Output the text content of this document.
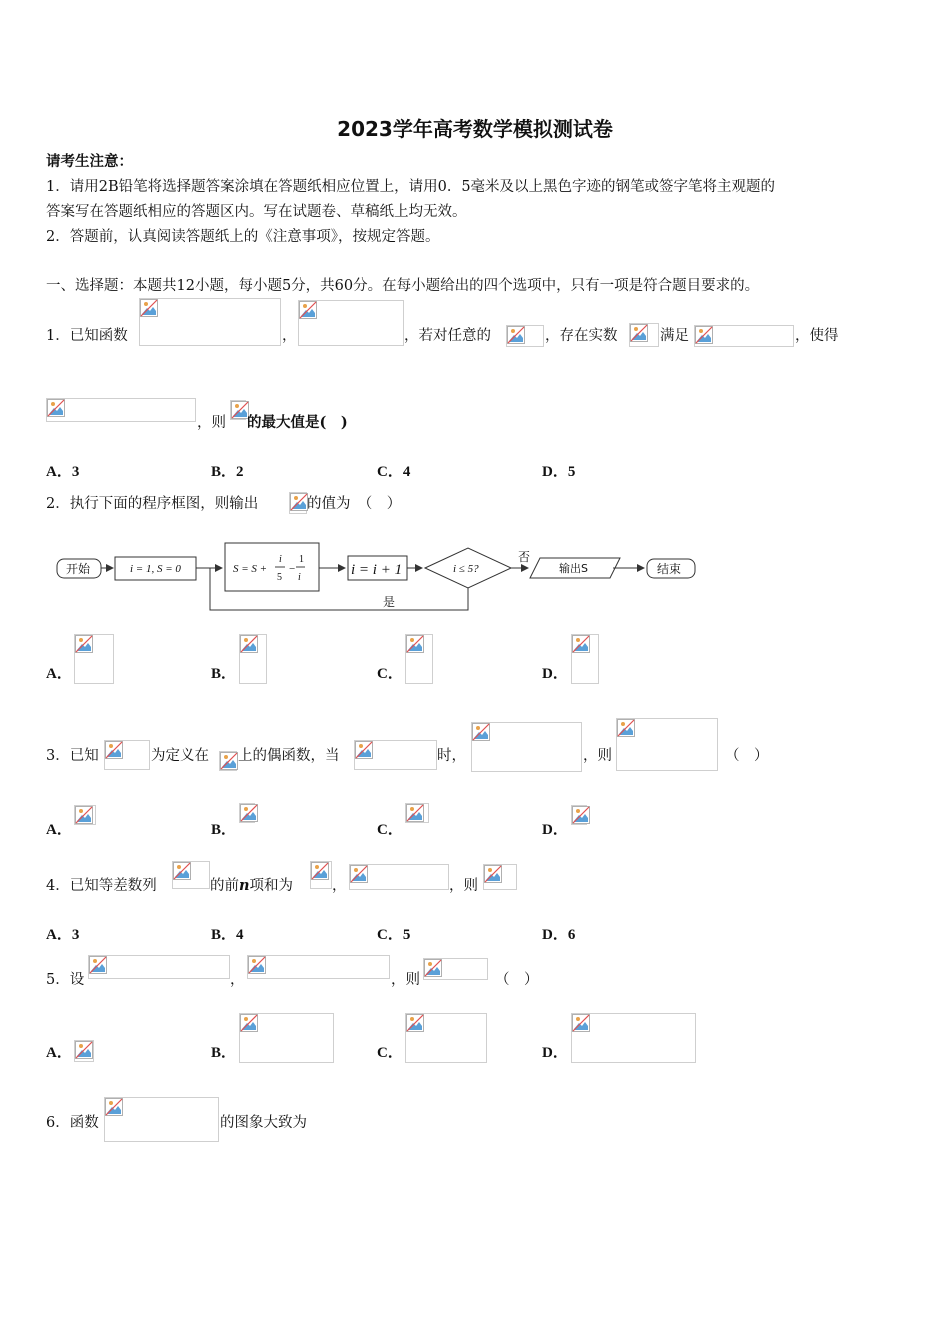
2023学年高考数学模拟测试卷
请考生注意：
1．请用2B铅笔将选择题答案涂填在答题纸相应位置上，请用0．5毫米及以上黑色字迹的钢笔或签字笔将主观题的
答案写在答题纸相应的答题区内。写在试题卷、草稿纸上均无效。
2．答题前，认真阅读答题纸上的《注意事项》，按规定答题。
一、选择题：本题共12小题，每小题5分，共60分。在每小题给出的四个选项中，只有一项是符合题目要求的。
1．已知函数	，	，若对任意的	，存在实数	满足	，使得
，则 的最大值是(　)
A．3	B．2	C．4	D．5
2．执行下面的程序框图，则输出	的值为　（　）
开始	i = 1, S = 0	S = S +
i
5
−
1
i	i = i + 1	i ≤ 5?
否
输出S	结束
是
A．	B．	C．	D．
3．已知	为定义在 上的偶函数，当	时，	，则	（　）
A．	B．	C．	D．
4．已知等差数列	的前n项和为	，	，则
A．3	B．4	C．5	D．6
5．设	，	，则	（　）
A．	B．	C．	D．
6．函数	的图象大致为
